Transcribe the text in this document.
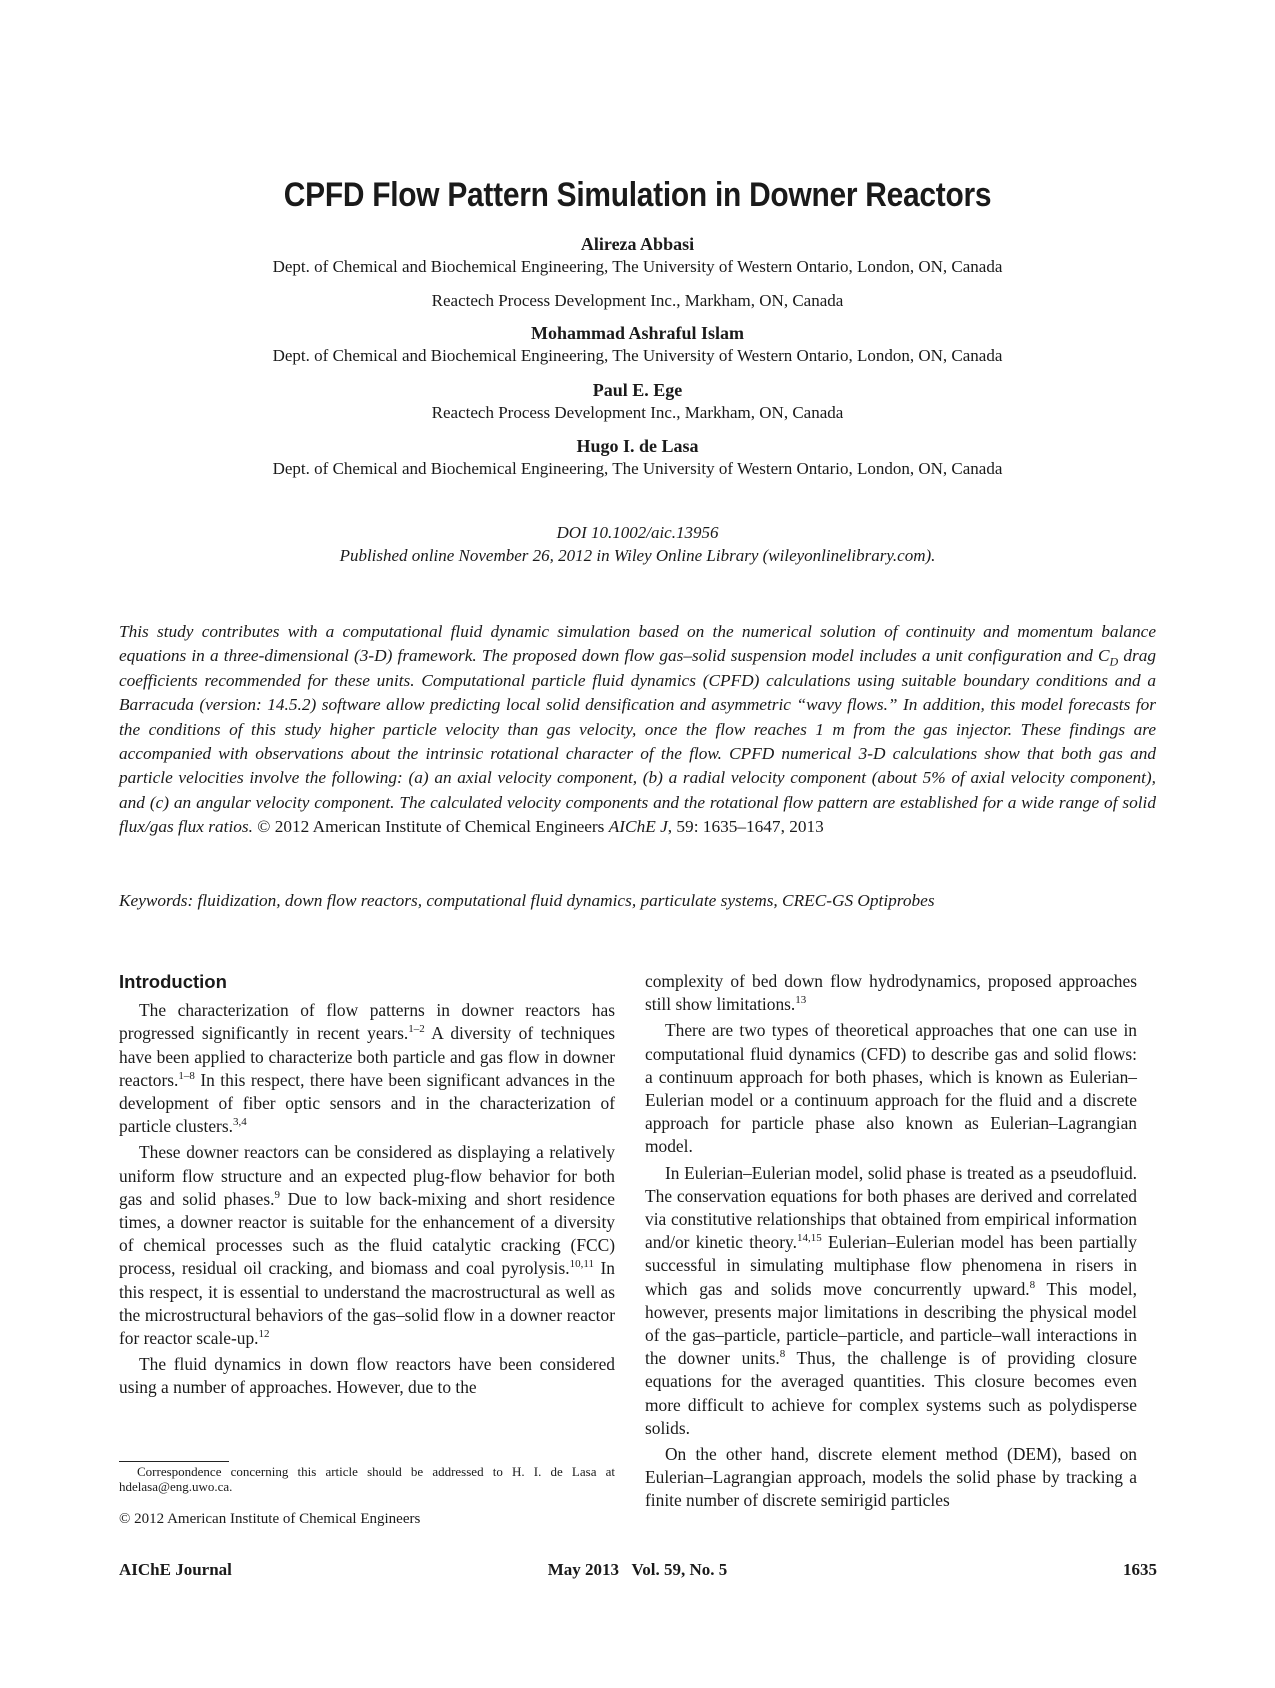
CPFD Flow Pattern Simulation in Downer Reactors
Alireza Abbasi
Dept. of Chemical and Biochemical Engineering, The University of Western Ontario, London, ON, Canada
Reactech Process Development Inc., Markham, ON, Canada
Mohammad Ashraful Islam
Dept. of Chemical and Biochemical Engineering, The University of Western Ontario, London, ON, Canada
Paul E. Ege
Reactech Process Development Inc., Markham, ON, Canada
Hugo I. de Lasa
Dept. of Chemical and Biochemical Engineering, The University of Western Ontario, London, ON, Canada
DOI 10.1002/aic.13956
Published online November 26, 2012 in Wiley Online Library (wileyonlinelibrary.com).
This study contributes with a computational fluid dynamic simulation based on the numerical solution of continuity and momentum balance equations in a three-dimensional (3-D) framework. The proposed down flow gas–solid suspension model includes a unit configuration and $C_D$ drag coefficients recommended for these units. Computational particle fluid dynamics (CPFD) calculations using suitable boundary conditions and a Barracuda (version: 14.5.2) software allow predicting local solid densification and asymmetric “wavy flows.” In addition, this model forecasts for the conditions of this study higher particle velocity than gas velocity, once the flow reaches 1 m from the gas injector. These findings are accompanied with observations about the intrinsic rotational character of the flow. CPFD numerical 3-D calculations show that both gas and particle velocities involve the following: (a) an axial velocity component, (b) a radial velocity component (about 5% of axial velocity component), and (c) an angular velocity component. The calculated velocity components and the rotational flow pattern are established for a wide range of solid flux/gas flux ratios. © 2012 American Institute of Chemical Engineers AIChE J, 59: 1635–1647, 2013
Keywords: fluidization, down flow reactors, computational fluid dynamics, particulate systems, CREC-GS Optiprobes
Introduction

The characterization of flow patterns in downer reactors has progressed significantly in recent years.$^{1-2}$ A diversity of techniques have been applied to characterize both particle and gas flow in downer reactors.$^{1-8}$ In this respect, there have been significant advances in the development of fiber optic sensors and in the characterization of particle clusters.$^{3,4}$

These downer reactors can be considered as displaying a relatively uniform flow structure and an expected plug-flow behavior for both gas and solid phases.$^9$ Due to low back-mixing and short residence times, a downer reactor is suitable for the enhancement of a diversity of chemical processes such as the fluid catalytic cracking (FCC) process, residual oil cracking, and biomass and coal pyrolysis.$^{10,11}$ In this respect, it is essential to understand the macrostructural as well as the microstructural behaviors of the gas–solid flow in a downer reactor for reactor scale-up.$^{12}$

The fluid dynamics in down flow reactors have been considered using a number of approaches. However, due to the

Correspondence concerning this article should be addressed to H. I. de Lasa at hdelasa@eng.uwo.ca.
© 2012 American Institute of Chemical Engineers

complexity of bed down flow hydrodynamics, proposed approaches still show limitations.$^{13}$

There are two types of theoretical approaches that one can use in computational fluid dynamics (CFD) to describe gas and solid flows: a continuum approach for both phases, which is known as Eulerian–Eulerian model or a continuum approach for the fluid and a discrete approach for particle phase also known as Eulerian–Lagrangian model.

In Eulerian–Eulerian model, solid phase is treated as a pseudofluid. The conservation equations for both phases are derived and correlated via constitutive relationships that obtained from empirical information and/or kinetic theory.$^{14,15}$ Eulerian–Eulerian model has been partially successful in simulating multiphase flow phenomena in risers in which gas and solids move concurrently upward.$^8$ This model, however, presents major limitations in describing the physical model of the gas–particle, particle–particle, and particle–wall interactions in the downer units.$^8$ Thus, the challenge is of providing closure equations for the averaged quantities. This closure becomes even more difficult to achieve for complex systems such as polydisperse solids.

On the other hand, discrete element method (DEM), based on Eulerian–Lagrangian approach, models the solid phase by tracking a finite number of discrete semirigid particles

AIChE Journal	May 2013   Vol. 59, No. 5	1635
